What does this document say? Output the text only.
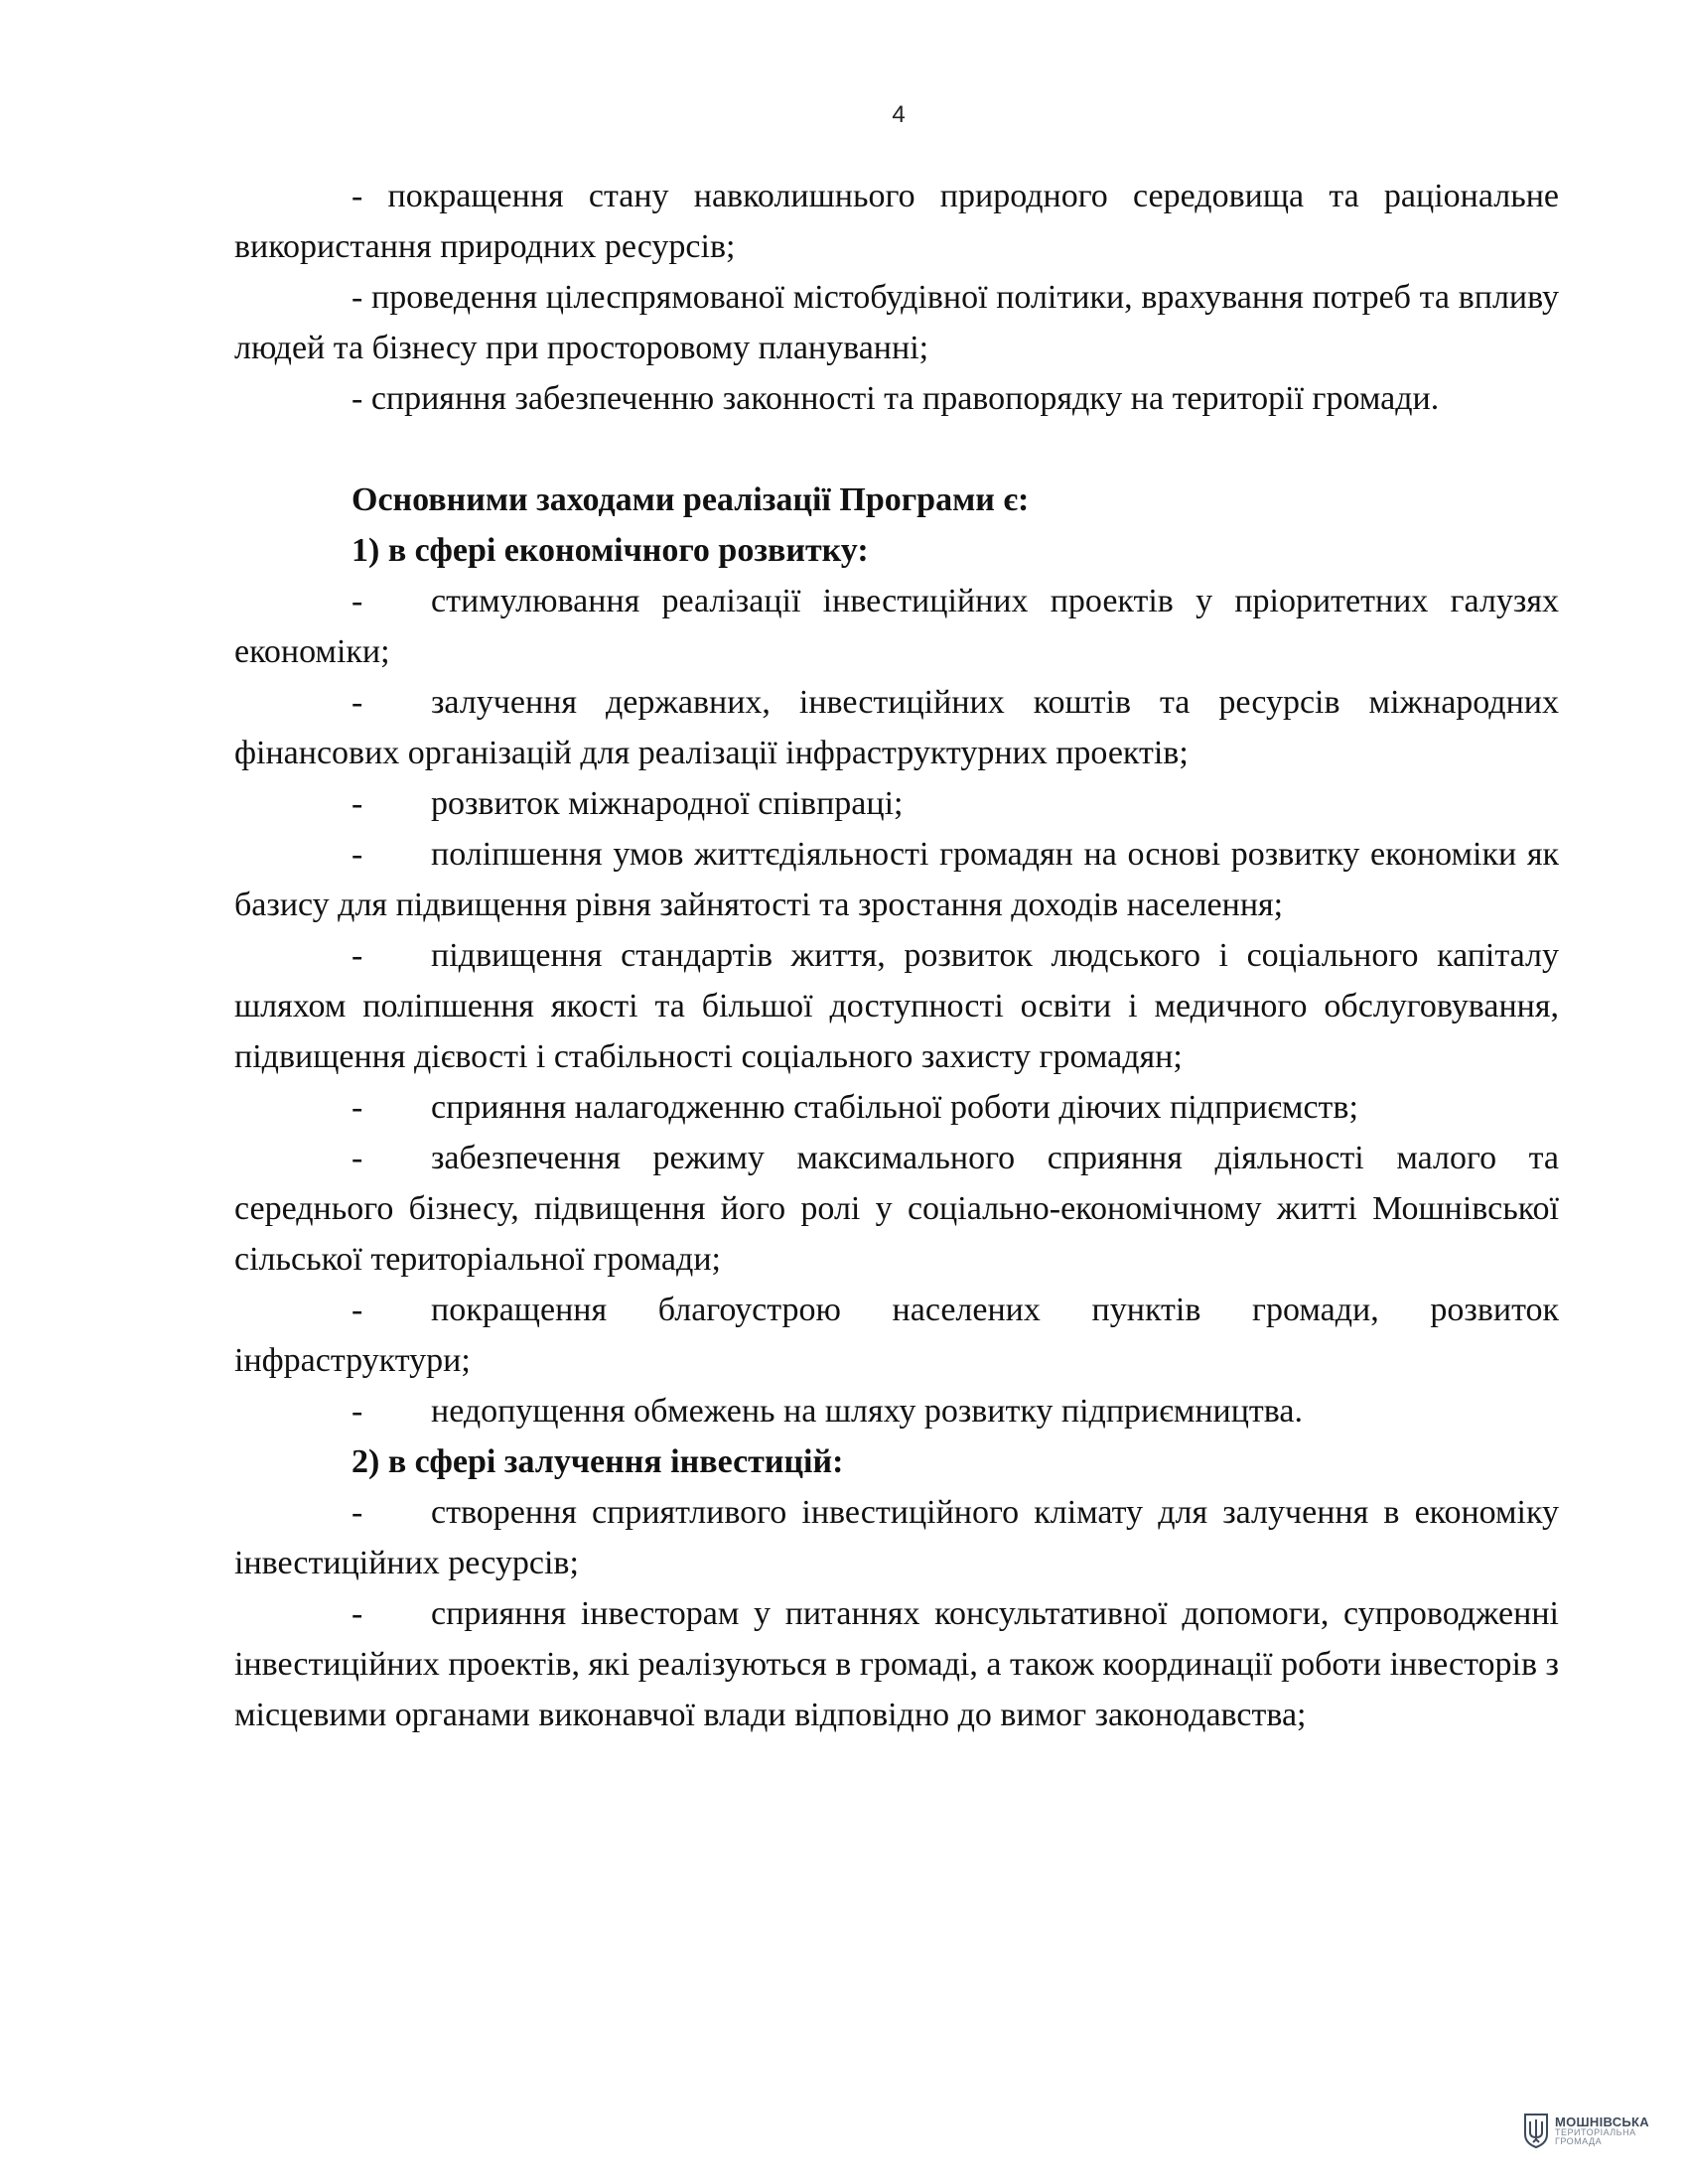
4

- покращення стану навколишнього природного середовища та раціональне використання природних ресурсів;

- проведення цілеспрямованої містобудівної політики, врахування потреб та впливу людей та бізнесу при просторовому плануванні;

- сприяння забезпеченню законності та правопорядку на території громади.

Основними заходами реалізації Програми є:

1) в сфері економічного розвитку:

- стимулювання реалізації інвестиційних проектів у пріоритетних галузях економіки;

- залучення державних, інвестиційних коштів та ресурсів міжнародних фінансових організацій для реалізації інфраструктурних проектів;

- розвиток міжнародної співпраці;

- поліпшення умов життєдіяльності громадян на основі розвитку економіки як базису для підвищення рівня зайнятості та зростання доходів населення;

- підвищення стандартів життя, розвиток людського і соціального капіталу шляхом поліпшення якості та більшої доступності освіти і медичного обслуговування, підвищення дієвості і стабільності соціального захисту громадян;

- сприяння налагодженню стабільної роботи діючих підприємств;

- забезпечення режиму максимального сприяння діяльності малого та середнього бізнесу, підвищення його ролі у соціально-економічному житті Мошнівської сільської територіальної громади;

- покращення благоустрою населених пунктів громади, розвиток інфраструктури;

- недопущення обмежень на шляху розвитку підприємництва.

2) в сфері залучення інвестицій:

- створення сприятливого інвестиційного клімату для залучення в економіку інвестиційних ресурсів;

- сприяння інвесторам у питаннях консультативної допомоги, супроводженні інвестиційних проектів, які реалізуються в громаді, а також координації роботи інвесторів з місцевими органами виконавчої влади відповідно до вимог законодавства;

МОШНІВСЬКА
ТЕРИТОРІАЛЬНА
ГРОМАДА
